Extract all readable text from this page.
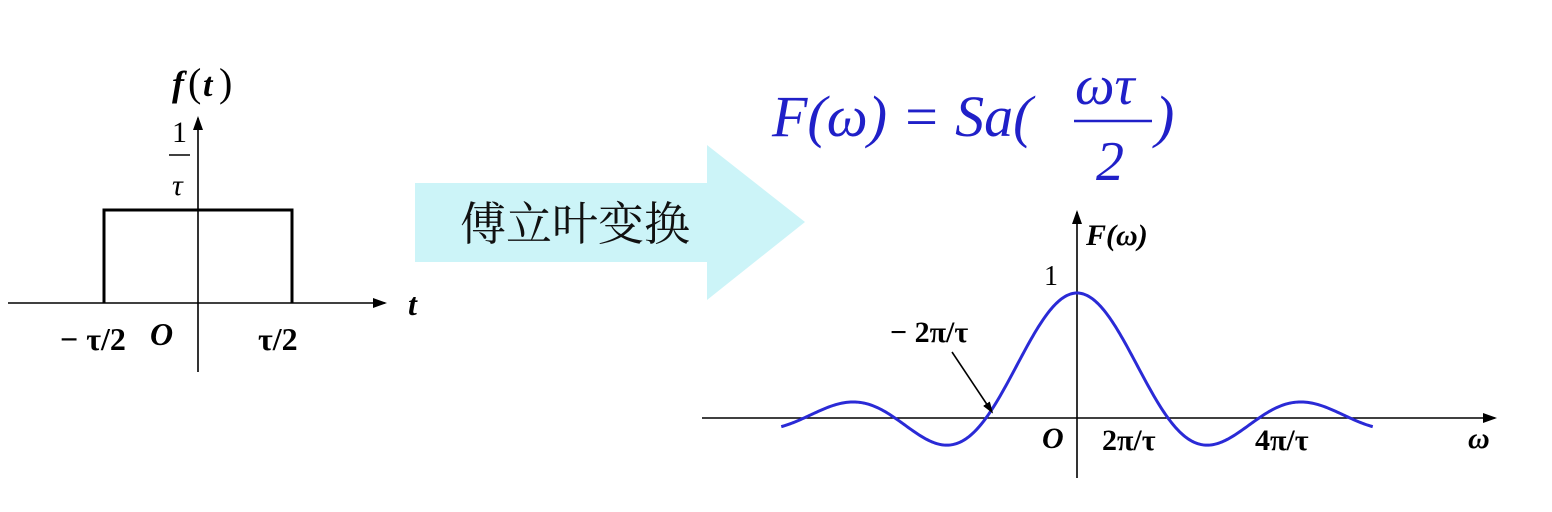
f ( t )
1
τ
t
− τ/2 O	τ/2
傅立叶变换
F(ω) = Sa( ωτ
2
)
F(ω)
1
ω
O 2π/τ	4π/τ
− 2π/τ
